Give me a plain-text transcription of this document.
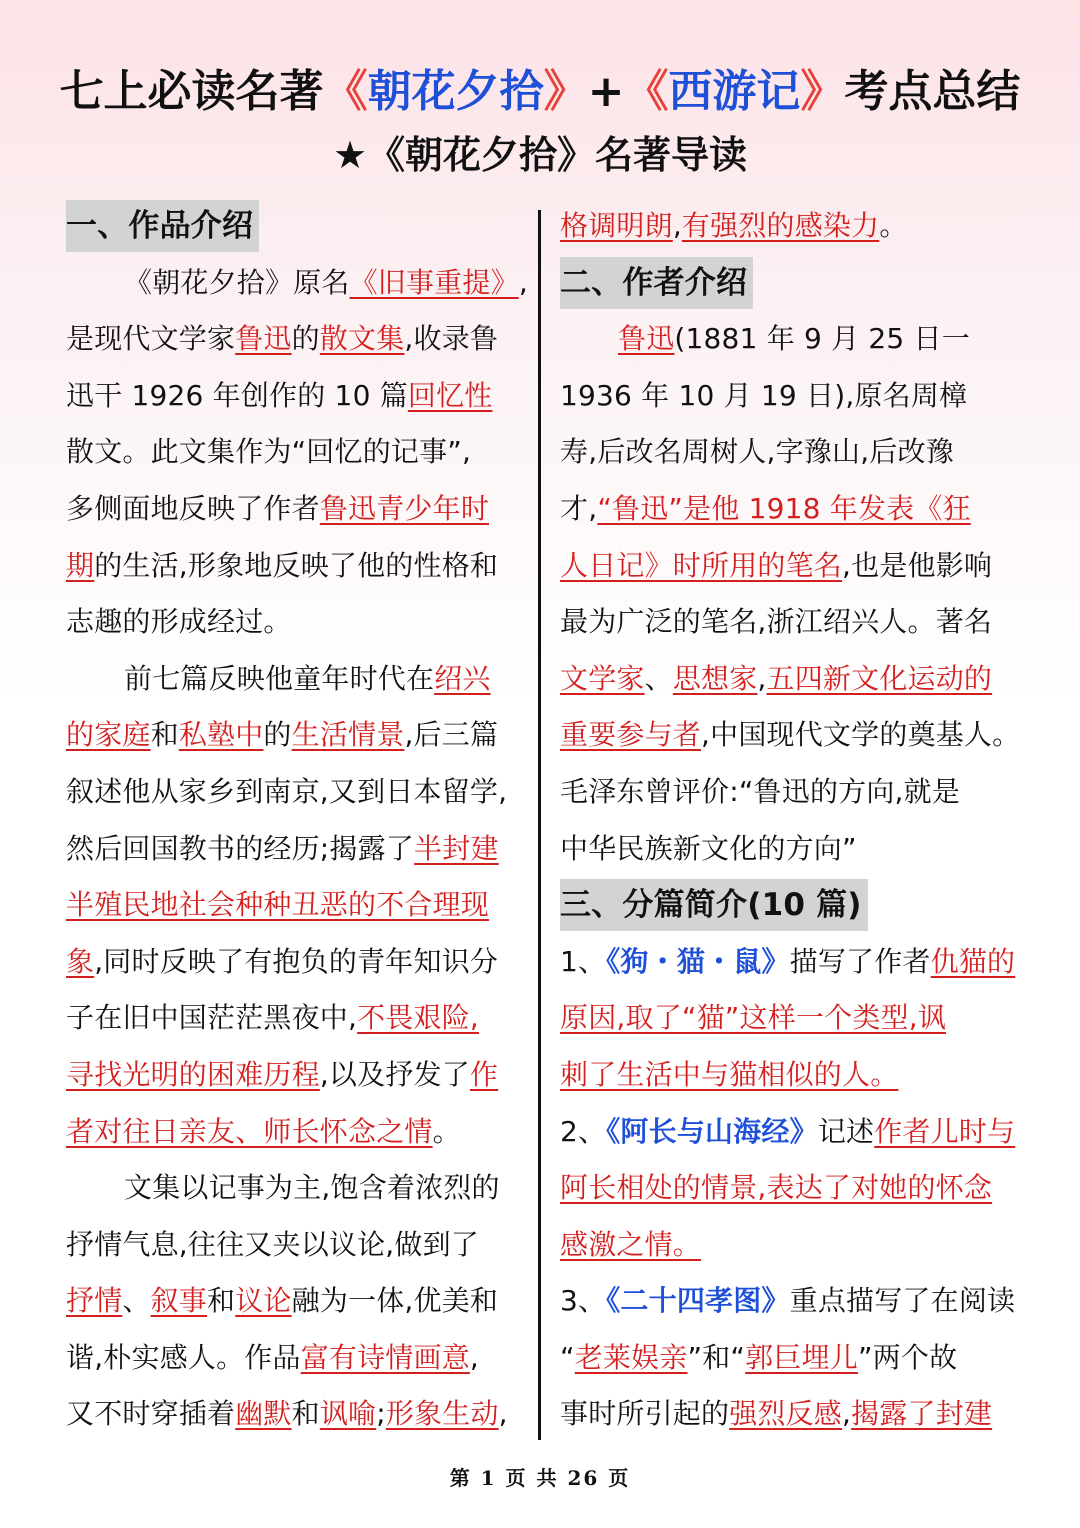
七上必读名著《朝花夕拾》+《西游记》考点总结
★《朝花夕拾》名著导读
一、作品介绍
《朝花夕拾》原名《旧事重提》,
是现代文学家鲁迅的散文集,收录鲁
迅干 1926 年创作的 10 篇回忆性
散文。此文集作为“回忆的记事”,
多侧面地反映了作者鲁迅青少年时
期的生活,形象地反映了他的性格和
志趣的形成经过。
前七篇反映他童年时代在绍兴
的家庭和私塾中的生活情景,后三篇
叙述他从家乡到南京,又到日本留学,
然后回国教书的经历;揭露了半封建
半殖民地社会种种丑恶的不合理现
象,同时反映了有抱负的青年知识分
子在旧中国茫茫黑夜中,不畏艰险,
寻找光明的困难历程,以及抒发了作
者对往日亲友、师长怀念之情。
文集以记事为主,饱含着浓烈的
抒情气息,往往又夹以议论,做到了
抒情、叙事和议论融为一体,优美和
谐,朴实感人。作品富有诗情画意,
又不时穿插着幽默和讽喻;形象生动,
格调明朗,有强烈的感染力。
二、作者介绍
鲁迅(1881 年 9 月 25 日一
1936 年 10 月 19 日),原名周樟
寿,后改名周树人,字豫山,后改豫
才,“鲁迅”是他 1918 年发表《狂
人日记》时所用的笔名,也是他影响
最为广泛的笔名,浙江绍兴人。著名
文学家、思想家,五四新文化运动的
重要参与者,中国现代文学的奠基人。
毛泽东曾评价:“鲁迅的方向,就是
中华民族新文化的方向”
三、分篇简介(10 篇)
1、《狗・猫・鼠》描写了作者仇猫的
原因,取了“猫”这样一个类型,讽
刺了生活中与猫相似的人。
2、《阿长与山海经》记述作者儿时与
阿长相处的情景,表达了对她的怀念
感激之情。
3、《二十四孝图》重点描写了在阅读
“老莱娱亲”和“郭巨埋儿”两个故
事时所引起的强烈反感,揭露了封建
第 1 页 共 26 页
